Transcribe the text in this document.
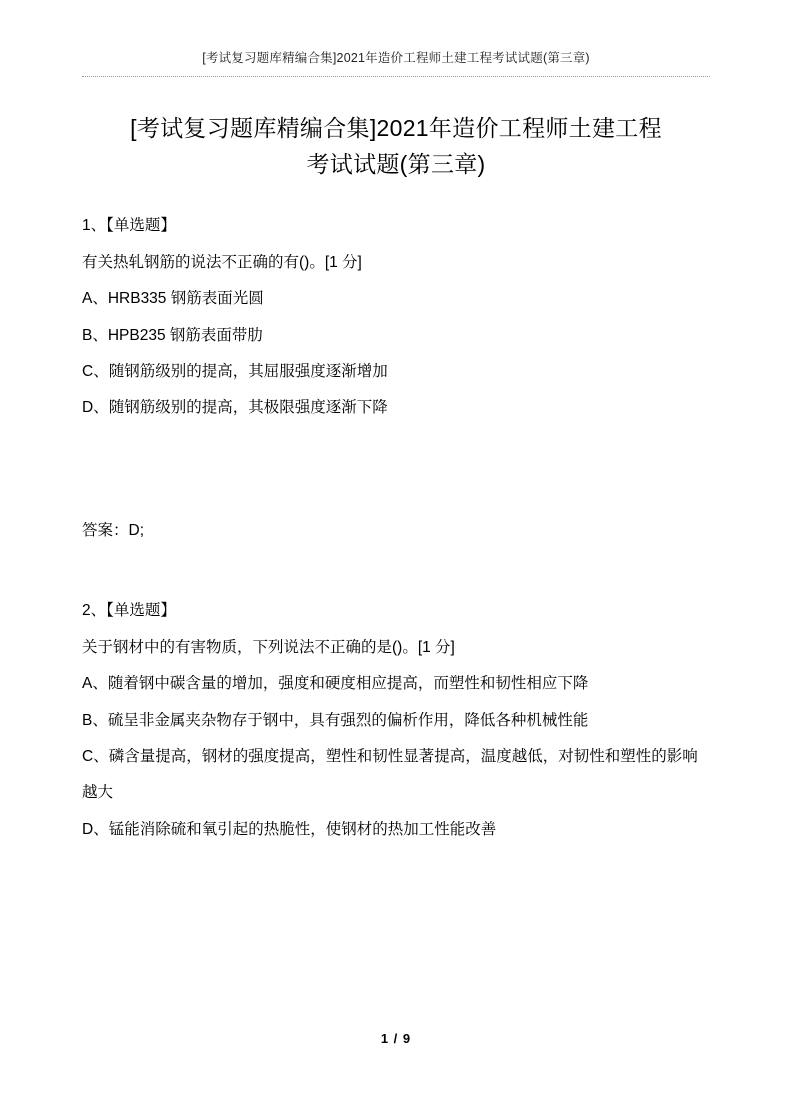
[考试复习题库精编合集]2021年造价工程师土建工程考试试题(第三章)
[考试复习题库精编合集]2021年造价工程师土建工程
考试试题(第三章)

1、【单选题】

有关热轧钢筋的说法不正确的有()。[1 分]

A、HRB335 钢筋表面光圆

B、HPB235 钢筋表面带肋

C、随钢筋级别的提高，其屈服强度逐渐增加

D、随钢筋级别的提高，其极限强度逐渐下降

答案：D;

2、【单选题】

关于钢材中的有害物质，下列说法不正确的是()。[1 分]

A、随着钢中碳含量的增加，强度和硬度相应提高，而塑性和韧性相应下降

B、硫呈非金属夹杂物存于钢中，具有强烈的偏析作用，降低各种机械性能

C、磷含量提高，钢材的强度提高，塑性和韧性显著提高，温度越低，对韧性和塑性的影响越大

D、锰能消除硫和氧引起的热脆性，使钢材的热加工性能改善

1 / 9
